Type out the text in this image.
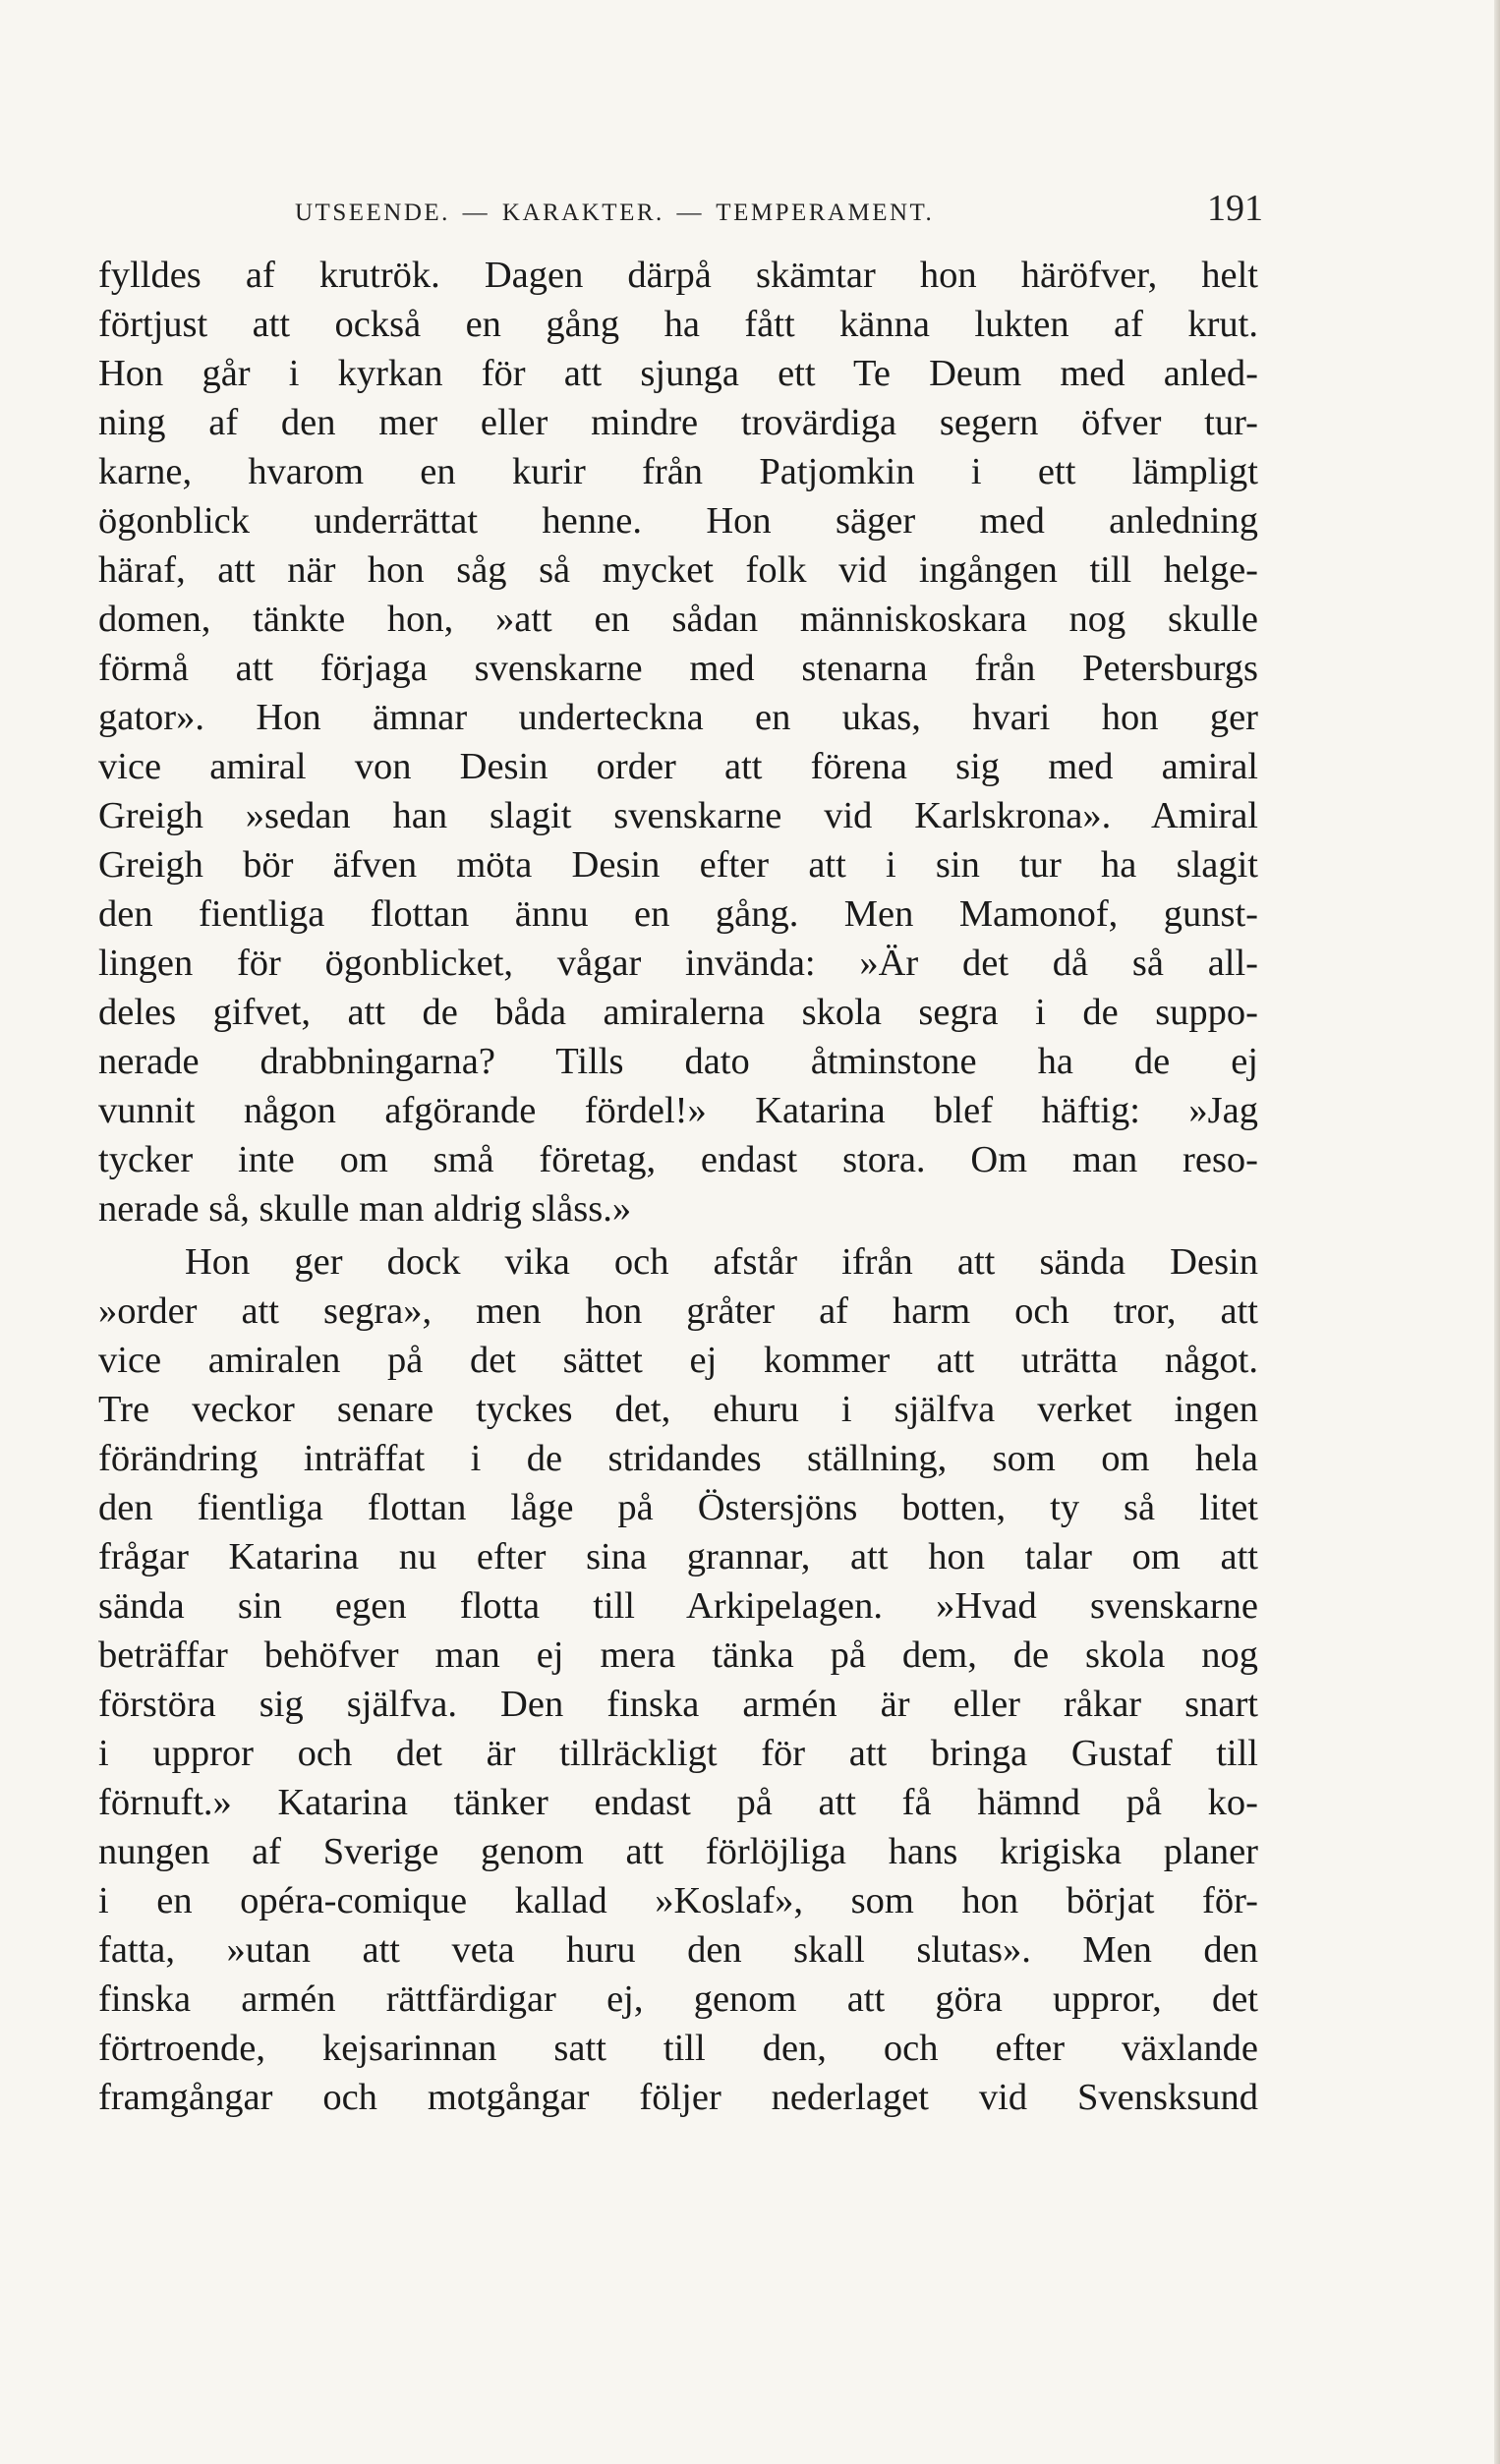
UTSEENDE. — KARAKTER. — TEMPERAMENT.	191
fylldes af krutrök. Dagen därpå skämtar hon häröfver, helt
förtjust att också en gång ha fått känna lukten af krut.
Hon går i kyrkan för att sjunga ett Te Deum med anled-
ning af den mer eller mindre trovärdiga segern öfver tur-
karne, hvarom en kurir från Patjomkin i ett lämpligt
ögonblick underrättat henne. Hon säger med anledning
häraf, att när hon såg så mycket folk vid ingången till helge-
domen, tänkte hon, »att en sådan människoskara nog skulle
förmå att förjaga svenskarne med stenarna från Petersburgs
gator». Hon ämnar underteckna en ukas, hvari hon ger
vice amiral von Desin order att förena sig med amiral
Greigh »sedan han slagit svenskarne vid Karlskrona». Amiral
Greigh bör äfven möta Desin efter att i sin tur ha slagit
den fientliga flottan ännu en gång. Men Mamonof, gunst-
lingen för ögonblicket, vågar invända: »Är det då så all-
deles gifvet, att de båda amiralerna skola segra i de suppo-
nerade drabbningarna? Tills dato åtminstone ha de ej
vunnit någon afgörande fördel!» Katarina blef häftig: »Jag
tycker inte om små företag, endast stora. Om man reso-
nerade så, skulle man aldrig slåss.»
Hon ger dock vika och afstår ifrån att sända Desin
»order att segra», men hon gråter af harm och tror, att
vice amiralen på det sättet ej kommer att uträtta något.
Tre veckor senare tyckes det, ehuru i själfva verket ingen
förändring inträffat i de stridandes ställning, som om hela
den fientliga flottan låge på Östersjöns botten, ty så litet
frågar Katarina nu efter sina grannar, att hon talar om att
sända sin egen flotta till Arkipelagen. »Hvad svenskarne
beträffar behöfver man ej mera tänka på dem, de skola nog
förstöra sig själfva. Den finska armén är eller råkar snart
i uppror och det är tillräckligt för att bringa Gustaf till
förnuft.» Katarina tänker endast på att få hämnd på ko-
nungen af Sverige genom att förlöjliga hans krigiska planer
i en opéra-comique kallad »Koslaf», som hon börjat för-
fatta, »utan att veta huru den skall slutas». Men den
finska armén rättfärdigar ej, genom att göra uppror, det
förtroende, kejsarinnan satt till den, och efter växlande
framgångar och motgångar följer nederlaget vid Svensksund
